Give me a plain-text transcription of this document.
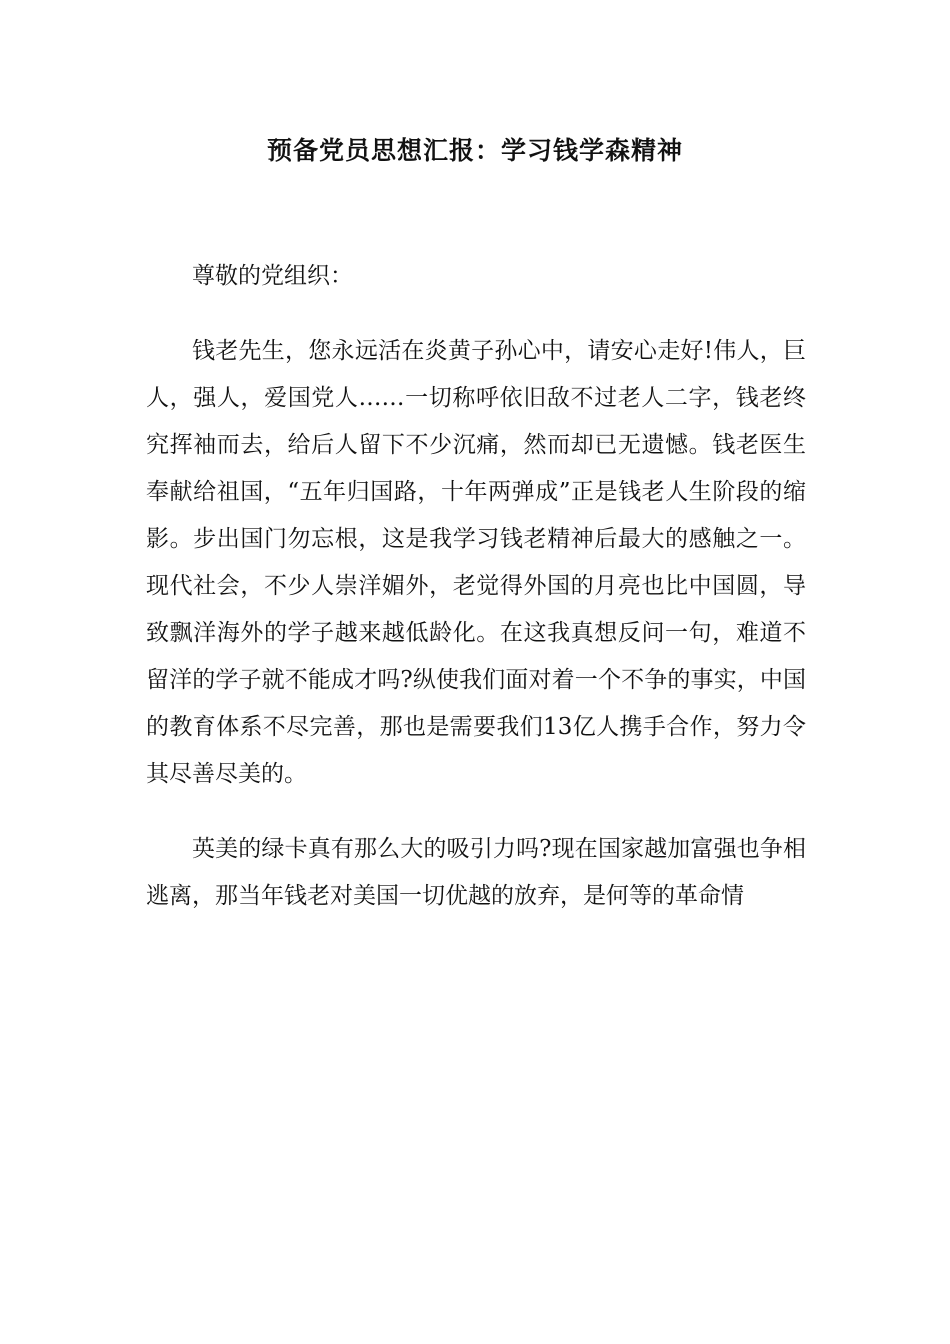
预备党员思想汇报：学习钱学森精神

尊敬的党组织：

钱老先生，您永远活在炎黄子孙心中，请安心走好!伟人，巨人，强人，爱国党人……一切称呼依旧敌不过老人二字，钱老终究挥袖而去，给后人留下不少沉痛，然而却已无遗憾。钱老医生奉献给祖国，“五年归国路，十年两弹成”正是钱老人生阶段的缩影。步出国门勿忘根，这是我学习钱老精神后最大的感触之一。现代社会，不少人崇洋媚外，老觉得外国的月亮也比中国圆，导致飘洋海外的学子越来越低龄化。在这我真想反问一句，难道不留洋的学子就不能成才吗?纵使我们面对着一个不争的事实，中国的教育体系不尽完善，那也是需要我们13亿人携手合作，努力令其尽善尽美的。

英美的绿卡真有那么大的吸引力吗?现在国家越加富强也争相逃离，那当年钱老对美国一切优越的放弃，是何等的革命情
